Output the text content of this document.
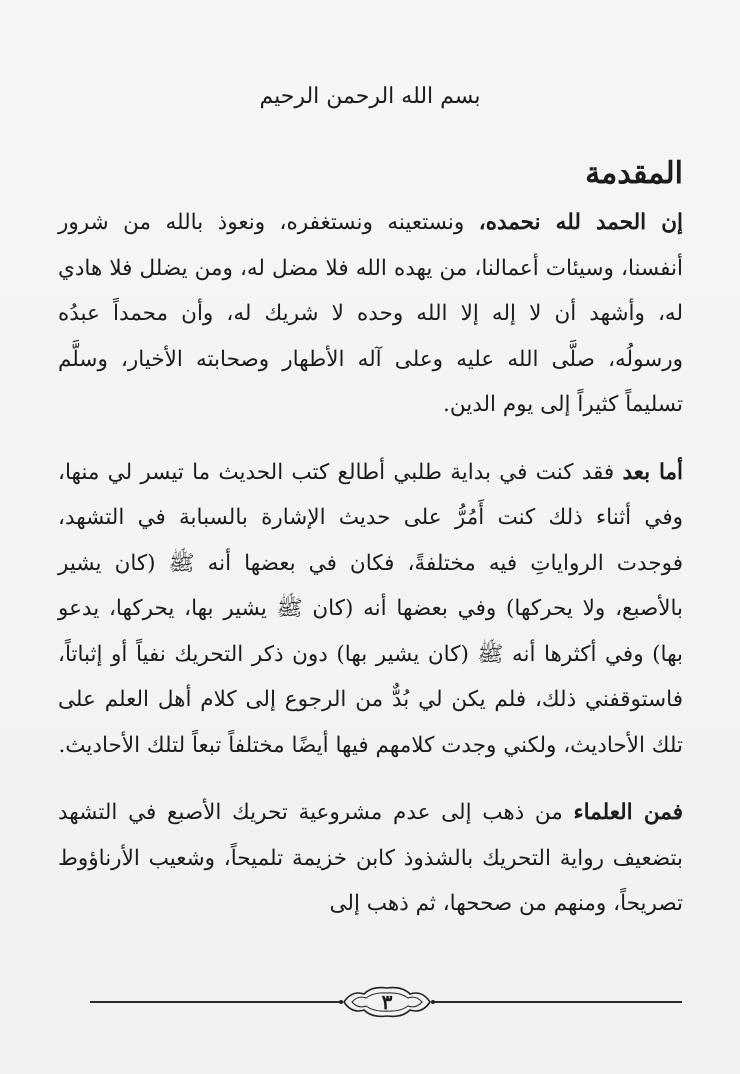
بسم الله الرحمن الرحيم
المقدمة

إن الحمد لله نحمده، ونستعينه ونستغفره، ونعوذ بالله من شرور أنفسنا، وسيئات أعمالنا، من يهده الله فلا مضل له، ومن يضلل فلا هادي له، وأشهد أن لا إله إلا الله وحده لا شريك له، وأن محمداً عبدُه ورسولُه، صلَّى الله عليه وعلى آله الأطهار وصحابته الأخيار، وسلَّم تسليماً كثيراً إلى يوم الدين.

أما بعد فقد كنت في بداية طلبي أطالع كتب الحديث ما تيسر لي منها، وفي أثناء ذلك كنت أَمُرُّ على حديث الإشارة بالسبابة في التشهد، فوجدت الرواياتِ فيه مختلفةً، فكان في بعضها أنه ﷺ (كان يشير بالأصبع، ولا يحركها) وفي بعضها أنه (كان ﷺ يشير بها، يحركها، يدعو بها) وفي أكثرها أنه ﷺ (كان يشير بها) دون ذكر التحريك نفياً أو إثباتاً، فاستوقفني ذلك، فلم يكن لي بُدٌّ من الرجوع إلى كلام أهل العلم على تلك الأحاديث، ولكني وجدت كلامهم فيها أيضًا مختلفاً تبعاً لتلك الأحاديث.

فمن العلماء من ذهب إلى عدم مشروعية تحريك الأصبع في التشهد بتضعيف رواية التحريك بالشذوذ كابن خزيمة تلميحاً، وشعيب الأرناؤوط تصريحاً، ومنهم من صححها، ثم ذهب إلى

٣
